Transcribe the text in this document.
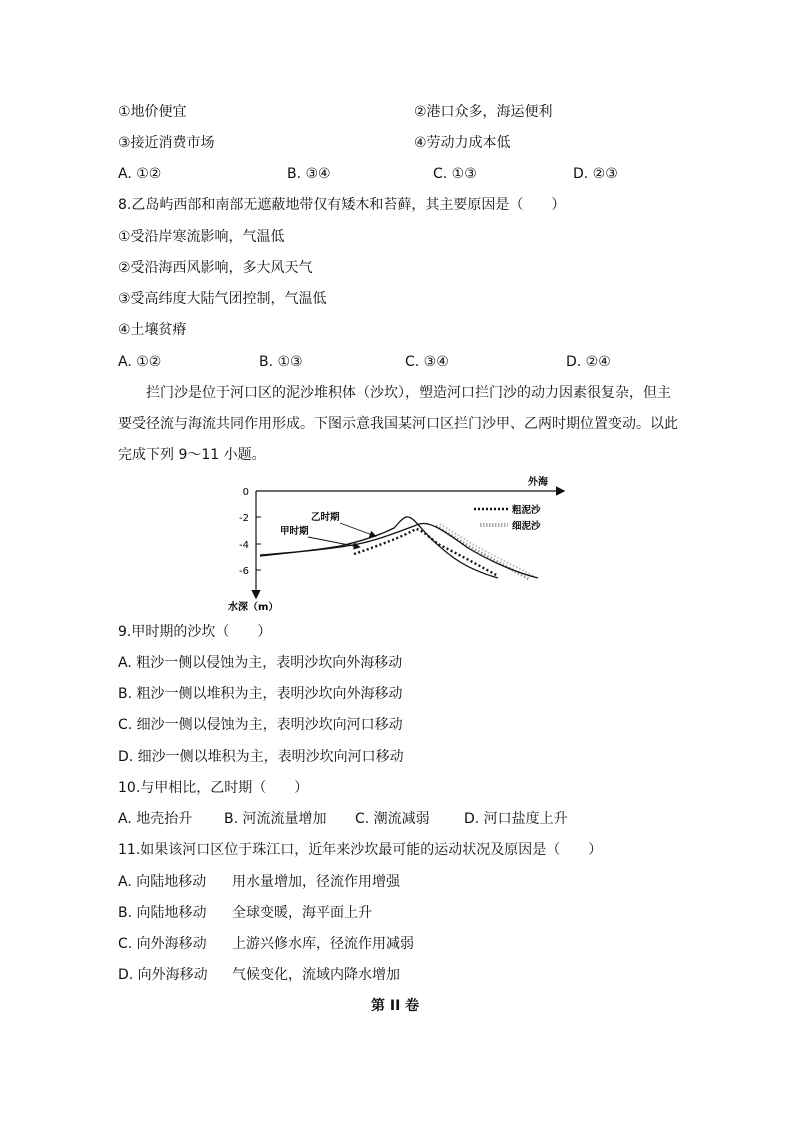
①地价便宜	②港口众多，海运便利
③接近消费市场	④劳动力成本低
A. ①②	B. ③④	C. ①③	D. ②③
8.乙岛屿西部和南部无遮蔽地带仅有矮木和苔藓，其主要原因是（　　）
①受沿岸寒流影响，气温低
②受沿海西风影响，多大风天气
③受高纬度大陆气团控制，气温低
④土壤贫瘠
A. ①②	B. ①③	C. ③④	D. ②④
拦门沙是位于河口区的泥沙堆积体（沙坎），塑造河口拦门沙的动力因素很复杂，但主
要受径流与海流共同作用形成。下图示意我国某河口区拦门沙甲、乙两时期位置变动。以此
完成下列 9～11 小题。
0
-2
-4
-6
外海
水深（m）
乙时期
甲时期
粗泥沙
细泥沙
9.甲时期的沙坎（　　）
A. 粗沙一侧以侵蚀为主，表明沙坎向外海移动
B. 粗沙一侧以堆积为主，表明沙坎向外海移动
C. 细沙一侧以侵蚀为主，表明沙坎向河口移动
D. 细沙一侧以堆积为主，表明沙坎向河口移动
10.与甲相比，乙时期（　　）
A. 地壳抬升 B. 河流流量增加 C. 潮流减弱 D. 河口盐度上升
11.如果该河口区位于珠江口，近年来沙坎最可能的运动状况及原因是（　　）
A. 向陆地移动 用水量增加，径流作用增强
B. 向陆地移动 全球变暖，海平面上升
C. 向外海移动 上游兴修水库，径流作用减弱
D. 向外海移动 气候变化，流域内降水增加
第 II 卷
